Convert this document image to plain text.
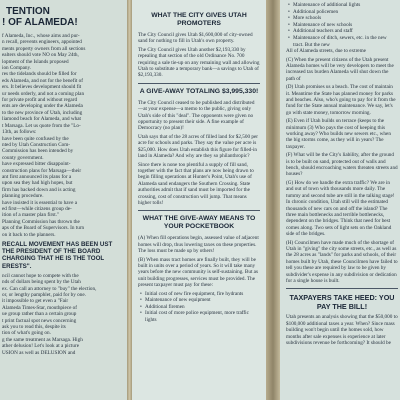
TENTION
! OF ALAMEDA!

f Alameda, Inc., whose aims and pur-

n recall, prevents engineers, appointed

ments property owners from all sections

ealters should vote NO on May 24th,

lopment of the Islands proposed

ion Company.

res the tidelands should be filled for

eds Alameda, and not for the benefit of

ers. It believes development should fit

ur needs orderly, and not a coming plan

for private profit and without regard

ents are developing under the Alameda

to the new province of Utah, including

liamond beach for Alameda, and what

t Marsaga. Let us quote from the "Lo-

13th, as follows:

have been quite confused by the

nted by Utah Construction Com-

Commission has been intended by

county government.

have expressed bitter disappoint-

construction plans for Marsaga—their

ant first announced its plans for a

upon sea they had high hopes, but

firm has backed down and is acting

planning procedure.

have insisted it is essential to have a

ed first—while citizens group de-

ition of a master plan first."

Planning Commission has thrown the

aps of the Board of Supervisors. In turn

on it back to the planners.

RECALL MOVEMENT HAS BEEN UST THE PRESIDENT OF THE BOARD CHARGING THAT HE IS THE TOOL ERESTS".

ncil cannot hope to compete with the

nds of dollars being spent by the Utah

ex. Can call an attorney to "buy" the election,

or, or lengthy pamphlet, paid for by one.

it impossible to get even a "Fair

Alameda Times-Star, mouthpiece of

ue group rather than a certain group

t print factual spot news concerning

ask you to read this, despite its

tion of what's going on.

g the same treatment as Marsaga. High

ather delusion! Let's look at a picture

USION as well as DELUSION and

WHAT THE CITY GIVES UTAH PROMOTERS

The City Council gives Utah $1,600,000 of city-owned sand for nothing to fill in Utah's own property.

The City Council gives Utah another $2,193,330 by repealing that section of the old Ordinance No. 700 requiring a sale tie-up on any remaining wall and allowing Utah to substitute a temporary bank—a savings to Utah of $2,193,330.

A GIVE-AWAY TOTALING $3,995,330!

The City Council ceased to be published and distributed —at your expense—a memo to the public, giving only Utah's side of this "deal". The opponents were given no opportunity to present their side. A fine example of Democracy (no plan)!

Utah says that of the 28 acres of filled land for $2,500 per acre for schools and parks. They say the value per acre is $25,000. How does Utah establish this figure for filled-in land in Alameda? And why are they so philanthropic?

Since there is none too plentiful a supply of fill sand, together with the fact that plans are now being drawn to begin filling operations at Hunter's Point, Utah's use of Alameda sand endangers the Southern Crossing. State authorities admit that if sand must be imported for the crossing, cost of construction will jump. That means higher tolls!

WHAT THE GIVE-AWAY MEANS TO YOUR POCKETBOOK

(A) When fill operations begin, assessed value of adjacent homes will drop, thus lowering taxes on these properties. The loss must be made up by others!

(B) When mass tract homes are finally built, they will be built in units over a period of years. So it will take many years before the new community is self-sustaining. But as unit building progresses, services must be provided. The present taxpayer must pay for these:

• Initial cost of new fire equipment, fire hydrants
• Maintenance of new equipment
• Additional firemen
• Initial cost of more police equipment, more traffic lights
• Maintenance of additional lights
• Additional policemen
• More schools
• Maintenance of new schools
• Additional teachers and staff
• Maintenance of ditch, sewers, etc. in the new tract. But the new

All of Alameda streets, due to extreme

(C) When the present citizens of the Utah present Alameda homes will be very developers to meet the increased tax burden Alameda will shut down the path of

(D) Utah promises us a beach. The cost of maintain it. Meantime the State has planned money for parks and beaches. Also, who's going to pay for it from the fund for the State annual maintenance. We say, let's go with state money, tomorrow morning.

(E) Even if Utah builds on terrace (keeps to the minimum (3) Who pays the cost of keeping this working away? Who builds new sewers etc., when the big storms come, as they will in years? The taxpayer.

(F) What will be the City's liability, after the ground is to be built on sand, protected out of walls and bench, should encroaching waters threaten streets and houses?

(G) How do we handle the extra traffic? We are in and out of town with thousands more daily. The tummy and second tube are still in the talking stage! In chronic condition, Utah still will the estimated thousands of new cars on and off the island? The three main bottlenecks and terrible bottlenecks, dependent on the bridges. Think that need for best comes along. Two sets of light sets on the Oakland side of the bridges.

(H) Councilmen have made much of the shortage of Utah in "giving" the city some streets, etc., as well as the 28 acres as "lands" for parks and schools, of their homes built by Utah, these Councilmen have failed to tell you these are required by law to be given by subdivider's expense in any subdivision or dedication for a single house is built.

TAXPAYERS TAKE HEED: YOU PAY THE BILL!

Utah presents an analysis showing that the $50,000 to $100,000 additional taxes a year. When? Since mass building won't begin until the homes sold, how months after sale expenses is experience at later subdivisions revenue be forthcoming? It should be
